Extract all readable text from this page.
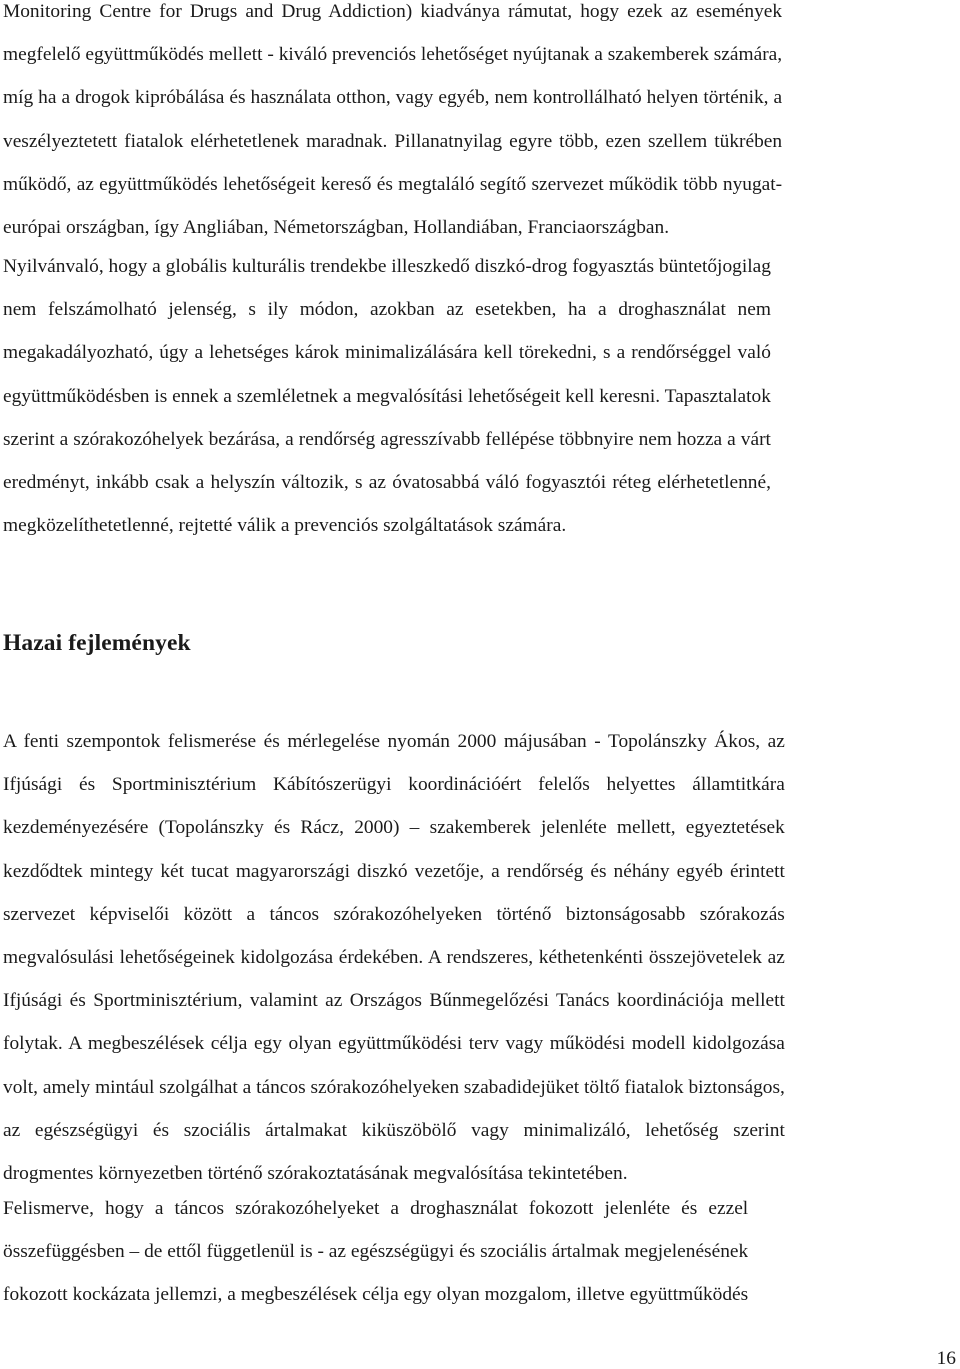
Monitoring Centre for Drugs and Drug Addiction) kiadványa rámutat, hogy ezek az események
megfelelő együttműködés mellett - kiváló prevenciós lehetőséget nyújtanak a szakemberek számára,
míg ha a drogok kipróbálása és használata otthon, vagy egyéb, nem kontrollálható helyen történik, a
veszélyeztetett fiatalok elérhetetlenek maradnak. Pillanatnyilag egyre több, ezen szellem tükrében
működő, az együttműködés lehetőségeit kereső és megtaláló segítő szervezet működik több nyugat-
európai országban, így Angliában, Németországban, Hollandiában, Franciaországban.
Nyilvánvaló, hogy a globális kulturális trendekbe illeszkedő diszkó-drog fogyasztás büntetőjogilag
nem felszámolható jelenség, s ily módon, azokban az esetekben, ha a droghasználat nem
megakadályozható, úgy a lehetséges károk minimalizálására kell törekedni, s a rendőrséggel való
együttműködésben is ennek a szemléletnek a megvalósítási lehetőségeit kell keresni. Tapasztalatok
szerint a szórakozóhelyek bezárása, a rendőrség agresszívabb fellépése többnyire nem hozza a várt
eredményt, inkább csak a helyszín változik, s az óvatosabbá váló fogyasztói réteg elérhetetlenné,
megközelíthetetlenné, rejtetté válik a prevenciós szolgáltatások számára.
Hazai fejlemények
A fenti szempontok felismerése és mérlegelése nyomán 2000 májusában - Topolánszky Ákos, az
Ifjúsági és Sportminisztérium Kábítószerügyi koordinációért felelős helyettes államtitkára
kezdeményezésére (Topolánszky és Rácz, 2000) – szakemberek jelenléte mellett, egyeztetések
kezdődtek mintegy két tucat magyarországi diszkó vezetője, a rendőrség és néhány egyéb érintett
szervezet képviselői között a táncos szórakozóhelyeken történő biztonságosabb szórakozás
megvalósulási lehetőségeinek kidolgozása érdekében. A rendszeres, kéthetenkénti összejövetelek az
Ifjúsági és Sportminisztérium, valamint az Országos Bűnmegelőzési Tanács koordinációja mellett
folytak. A megbeszélések célja egy olyan együttműködési terv vagy működési modell kidolgozása
volt, amely mintául szolgálhat a táncos szórakozóhelyeken szabadidejüket töltő fiatalok biztonságos,
az egészségügyi és szociális ártalmakat kiküszöbölő vagy minimalizáló, lehetőség szerint
drogmentes környezetben történő szórakoztatásának megvalósítása tekintetében.
Felismerve, hogy a táncos szórakozóhelyeket a droghasználat fokozott jelenléte és ezzel
összefüggésben – de ettől függetlenül is - az egészségügyi és szociális ártalmak megjelenésének
fokozott kockázata jellemzi, a megbeszélések célja egy olyan mozgalom, illetve együttműködés
16
